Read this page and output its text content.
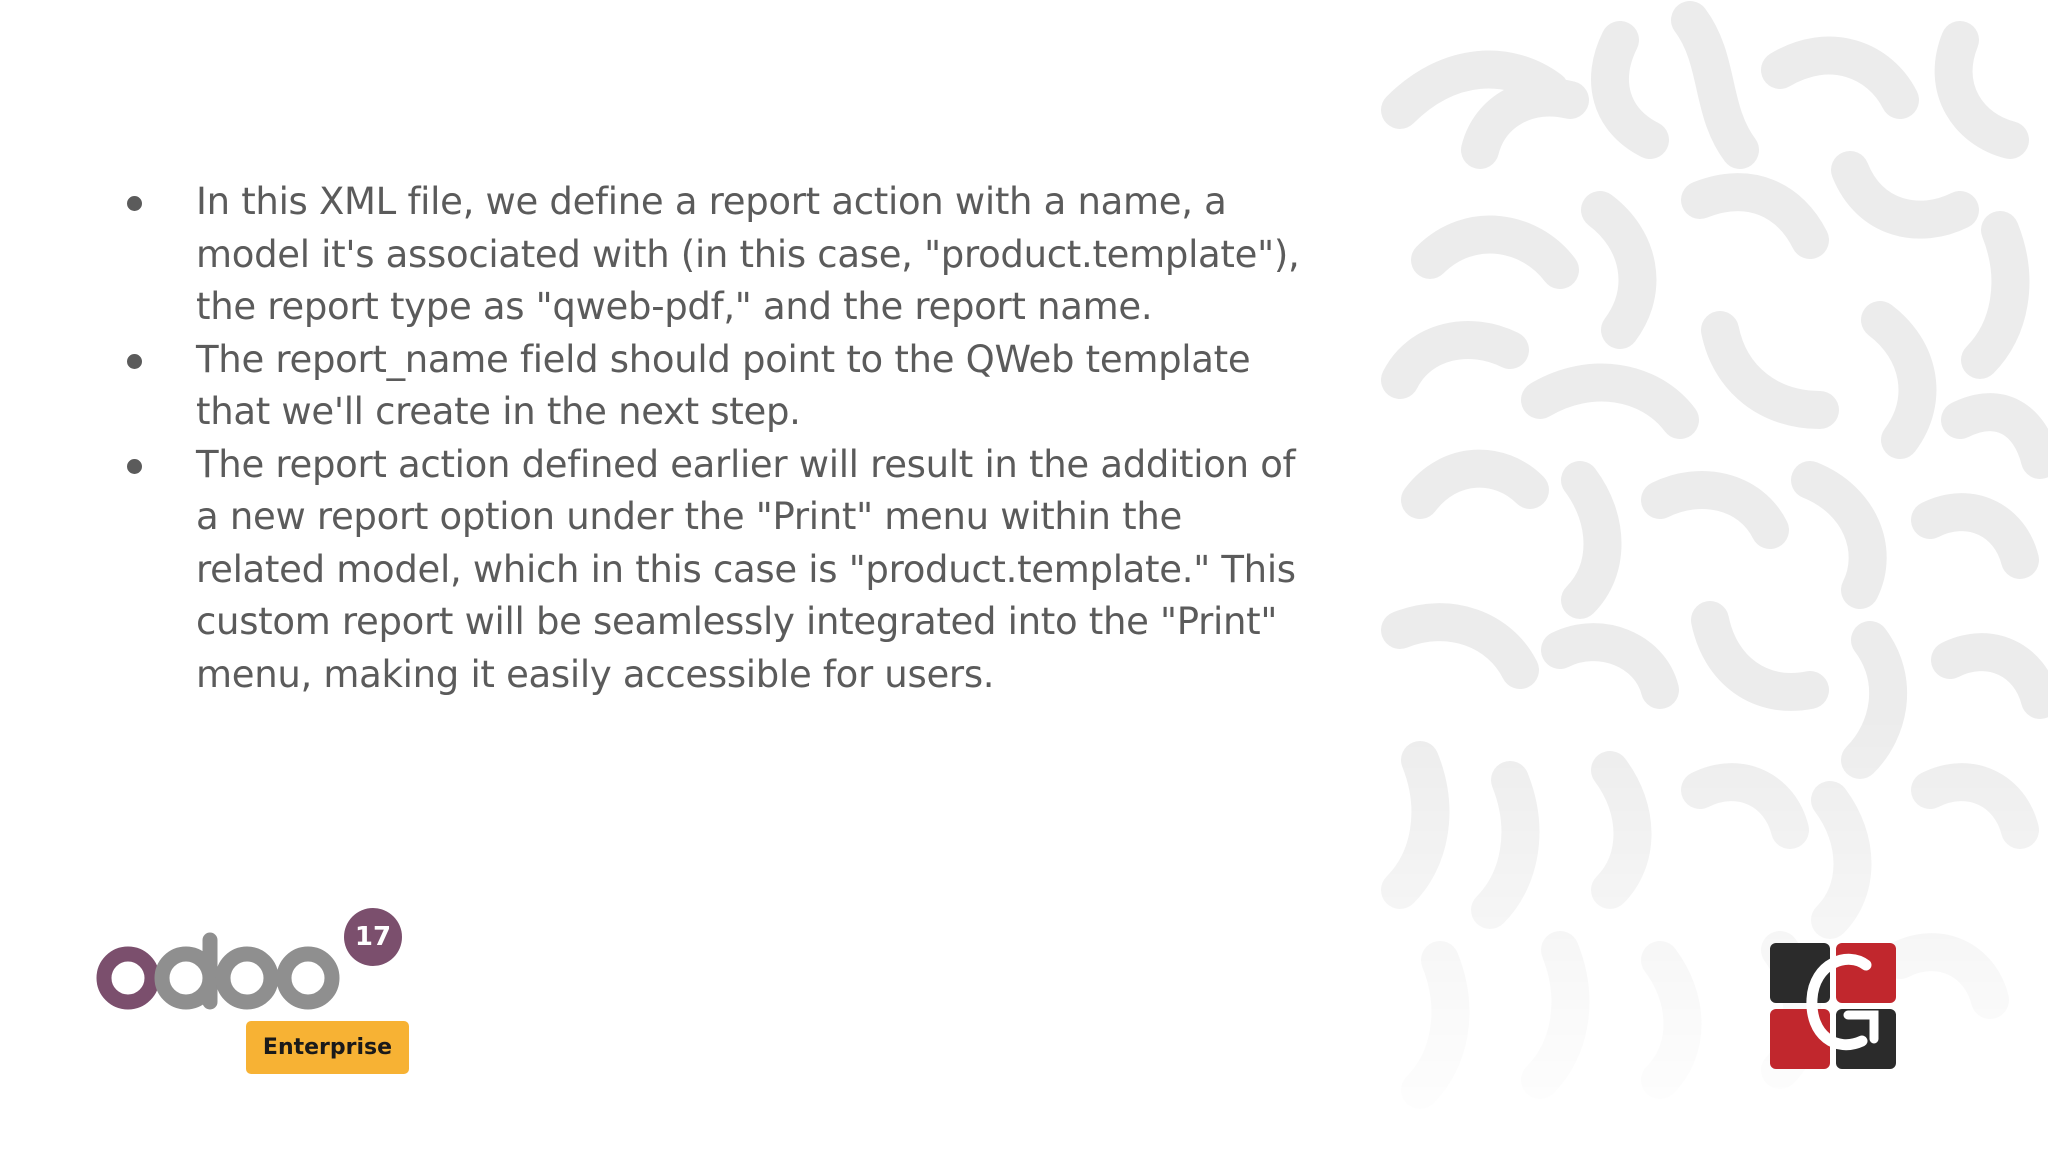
In this XML file, we define a report action with a name, a model it's associated with (in this case, "product.template"), the report type as "qweb-pdf," and the report name.
The report_name field should point to the QWeb template that we'll create in the next step.
The report action defined earlier will result in the addition of a new report option under the "Print" menu within the related model, which in this case is "product.template." This custom report will be seamlessly integrated into the "Print" menu, making it easily accessible for users.
17
Enterprise
